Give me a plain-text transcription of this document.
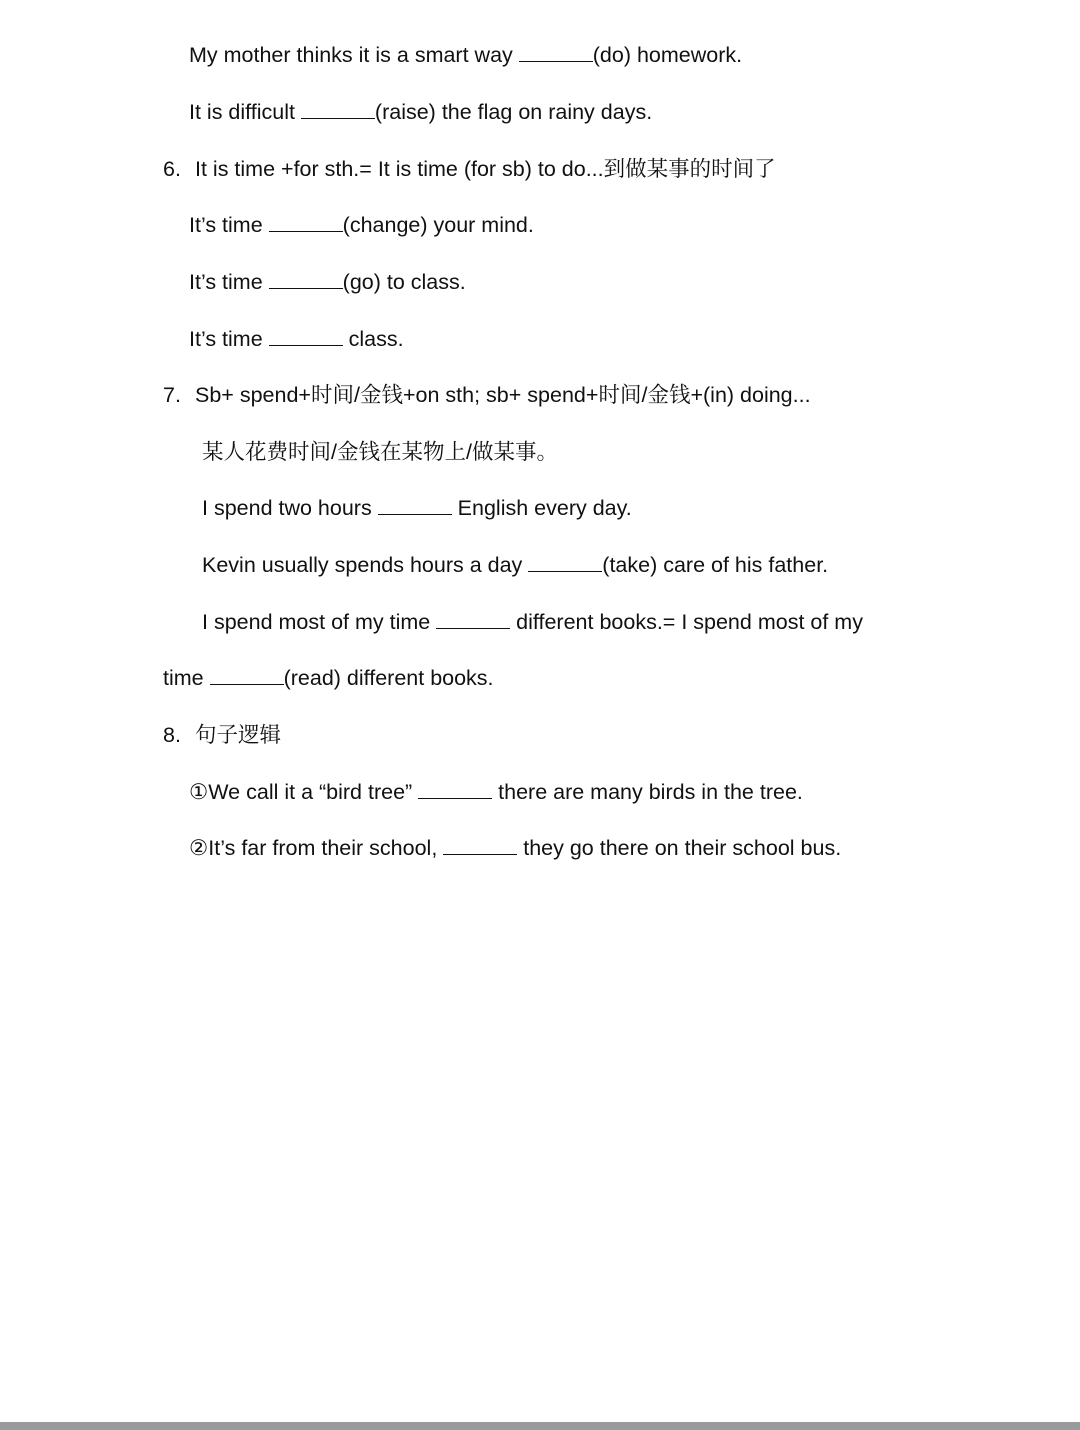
My mother thinks it is a smart way	(do) homework.
It is difficult	(raise) the flag on rainy days.
6. It is time +for sth.= It is time (for sb) to do...到做某事的时间了
It’s time	(change) your mind.
It’s time	(go) to class.
It’s time	class.
7. Sb+ spend+时间/金钱+on sth; sb+ spend+时间/金钱+(in) doing...
某人花费时间/金钱在某物上/做某事。
I spend two hours	English every day.
Kevin usually spends hours a day	(take) care of his father.
I spend most of my time	different books.= I spend most of my
time	(read) different books.
8. 句子逻辑
①We call it a “bird tree”	there are many birds in the tree.
②It’s far from their school,	they go there on their school bus.
